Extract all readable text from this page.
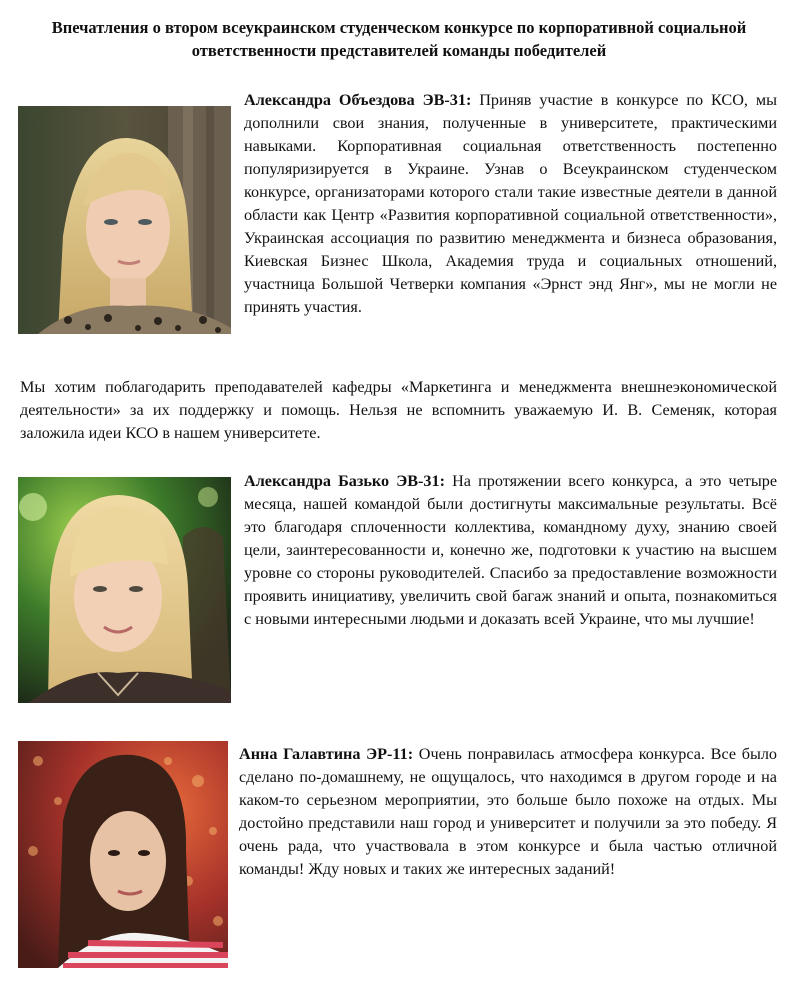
Впечатления о втором всеукраинском студенческом конкурсе по корпоративной социальной ответственности представителей команды победителей

Александра Объездова ЭВ-31: Приняв участие в конкурсе по КСО, мы дополнили свои знания, полученные в университете, практическими навыками. Корпоративная социальная ответственность постепенно популяризируется в Украине. Узнав о Всеукраинском студенческом конкурсе, организаторами которого стали такие известные деятели в данной области как Центр «Развития корпоративной социальной ответственности», Украинская ассоциация по развитию менеджмента и бизнеса образования, Киевская Бизнес Школа, Академия труда и социальных отношений, участница Большой Четверки компания «Эрнст энд Янг», мы не могли не принять участия.

Мы хотим поблагодарить преподавателей кафедры «Маркетинга и менеджмента внешнеэкономической деятельности» за их поддержку и помощь. Нельзя не вспомнить уважаемую И. В. Семеняк, которая заложила идеи КСО в нашем университете.

Александра Базько ЭВ-31: На протяжении всего конкурса, а это четыре месяца, нашей командой были достигнуты максимальные результаты. Всё это благодаря сплоченности коллектива, командному духу, знанию своей цели, заинтересованности и, конечно же, подготовки к участию на высшем уровне со стороны руководителей. Спасибо за предоставление возможности проявить инициативу, увеличить свой багаж знаний и опыта, познакомиться с новыми интересными людьми и доказать всей Украине, что мы лучшие!

Анна Галавтина ЭР-11: Очень понравилась атмосфера конкурса. Все было сделано по-домашнему, не ощущалось, что находимся в другом городе и на каком-то серьезном мероприятии, это больше было похоже на отдых. Мы достойно представили наш город и университет и получили за это победу. Я очень рада, что участвовала в этом конкурсе и была частью отличной команды! Жду новых и таких же интересных заданий!
